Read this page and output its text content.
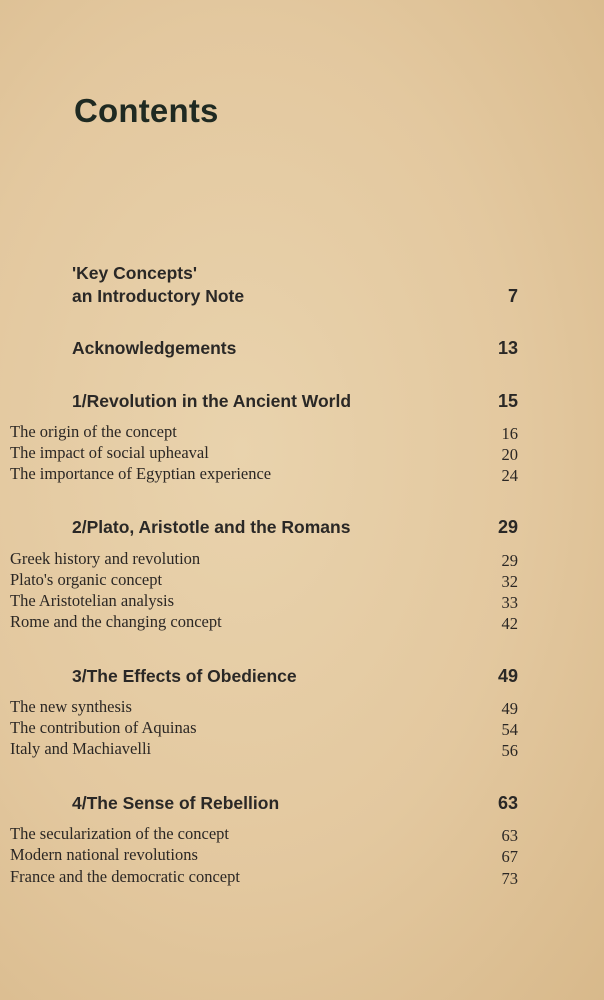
Contents
'Key Concepts'
an Introductory Note	7
Acknowledgements	13
1/Revolution in the Ancient World	15
The origin of the concept	16
The impact of social upheaval	20
The importance of Egyptian experience	24
2/Plato, Aristotle and the Romans	29
Greek history and revolution	29
Plato's organic concept	32
The Aristotelian analysis	33
Rome and the changing concept	42
3/The Effects of Obedience	49
The new synthesis	49
The contribution of Aquinas	54
Italy and Machiavelli	56
4/The Sense of Rebellion	63
The secularization of the concept	63
Modern national revolutions	67
France and the democratic concept	73
